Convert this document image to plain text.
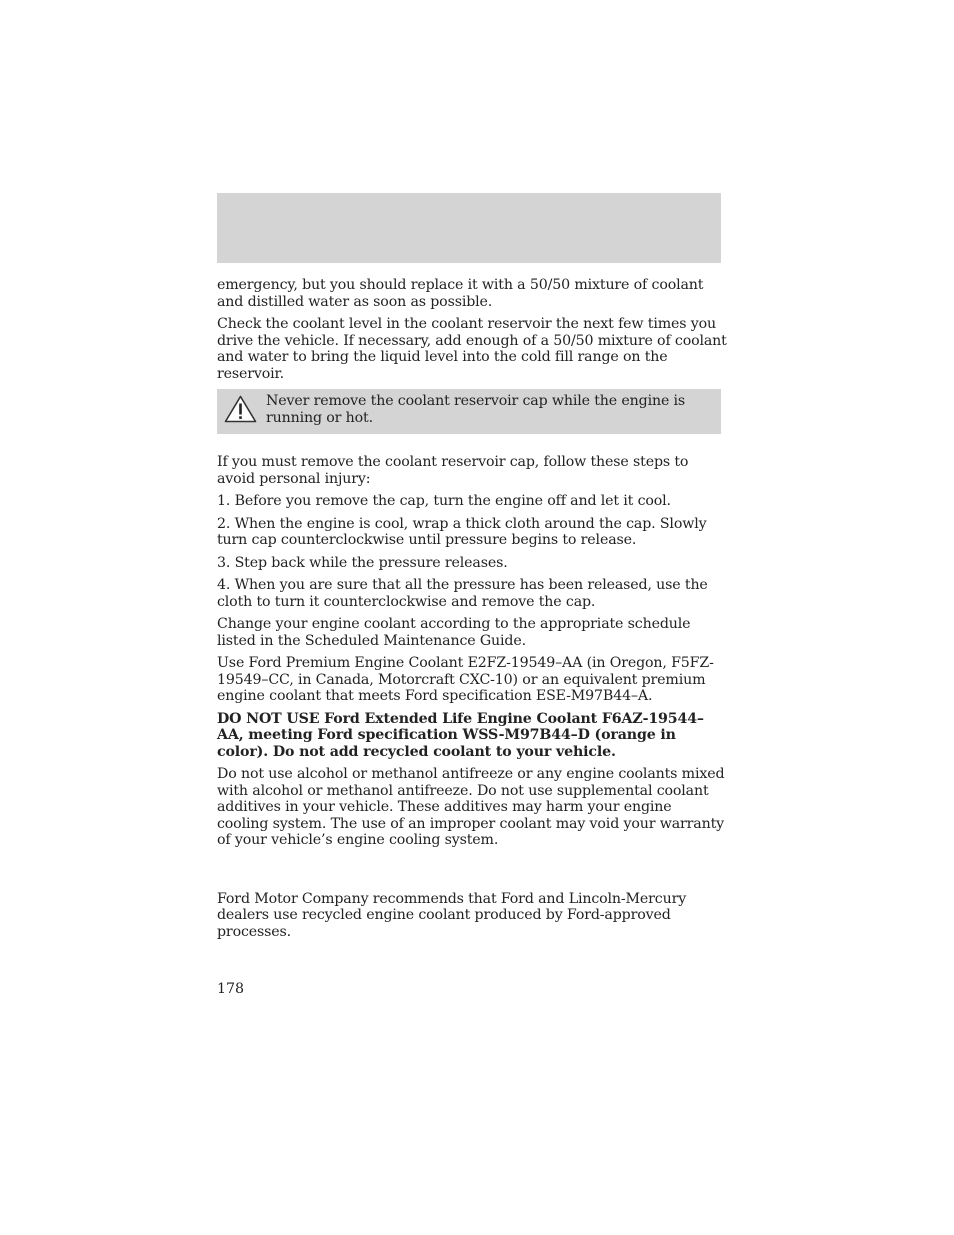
emergency, but you should replace it with a 50/50 mixture of coolant and distilled water as soon as possible.

Check the coolant level in the coolant reservoir the next few times you drive the vehicle. If necessary, add enough of a 50/50 mixture of coolant and water to bring the liquid level into the cold fill range on the reservoir.

Never remove the coolant reservoir cap while the engine is running or hot.

If you must remove the coolant reservoir cap, follow these steps to avoid personal injury:

1. Before you remove the cap, turn the engine off and let it cool.

2. When the engine is cool, wrap a thick cloth around the cap. Slowly turn cap counterclockwise until pressure begins to release.

3. Step back while the pressure releases.

4. When you are sure that all the pressure has been released, use the cloth to turn it counterclockwise and remove the cap.

Change your engine coolant according to the appropriate schedule listed in the Scheduled Maintenance Guide.

Use Ford Premium Engine Coolant E2FZ-19549–AA (in Oregon, F5FZ-19549–CC, in Canada, Motorcraft CXC-10) or an equivalent premium engine coolant that meets Ford specification ESE-M97B44–A.

DO NOT USE Ford Extended Life Engine Coolant F6AZ-19544–AA, meeting Ford specification WSS-M97B44–D (orange in color). Do not add recycled coolant to your vehicle.

Do not use alcohol or methanol antifreeze or any engine coolants mixed with alcohol or methanol antifreeze. Do not use supplemental coolant additives in your vehicle. These additives may harm your engine cooling system. The use of an improper coolant may void your warranty of your vehicle’s engine cooling system.

Ford Motor Company recommends that Ford and Lincoln-Mercury dealers use recycled engine coolant produced by Ford-approved processes.

178
